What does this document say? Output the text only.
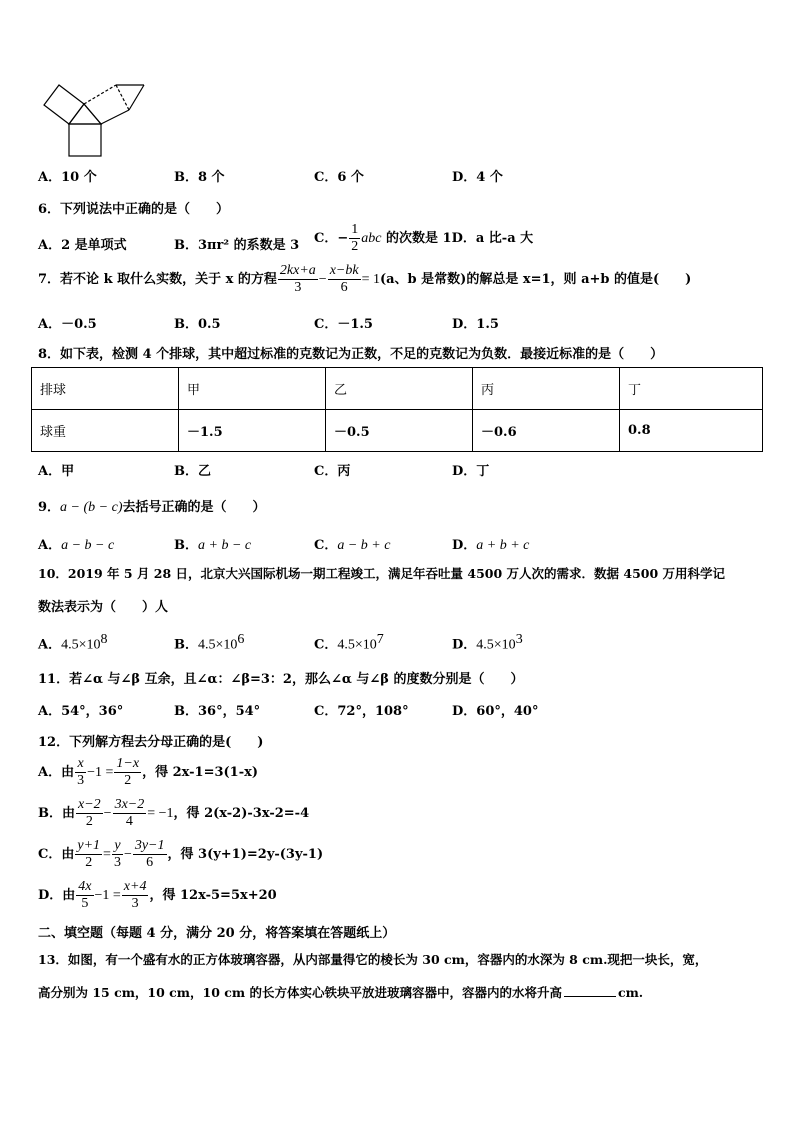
A．10 个	B．8 个	C．6 个	D．4 个
6．下列说法中正确的是（　　）
A．2 是单项式	B．3πr² 的系数是 3 C．− $\frac{1}{2}$ abc 的次数是 1D．a 比-a 大
7．若不论 k 取什么实数，关于 x 的方程 $\frac{2kx+a}{3} - \frac{x-bk}{6} = 1(a$、b 是常数)的解总是 x=1，则 a+b 的值是(　　)
A．－0.5	B．0.5	C．－1.5	D．1.5
8．如下表，检测 4 个排球，其中超过标准的克数记为正数，不足的克数记为负数．最接近标准的是（　　）
排球	甲	乙	丙	丁
球重	－1.5	－0.5	－0.6	0.8
A．甲	B．乙	C．丙	D．丁
9．a − (b − c)去括号正确的是（　　）
A．a − b − c	B．a + b − c	C．a − b + c	D．a + b + c
10．2019 年 5 月 28 日，北京大兴国际机场一期工程竣工，满足年吞吐量 4500 万人次的需求．数据 4500 万用科学记
数法表示为（　　）人
A．$4.5\times 10^8$	B．$4.5\times 10^6$	C．$4.5\times 10^7$	D．$4.5\times 10^3$
11．若∠α 与∠β 互余，且∠α：∠β=3：2，那么∠α 与∠β 的度数分别是（　　）
A．54°，36°	B．36°，54°	C．72°，108°	D．60°，40°
12．下列解方程去分母正确的是(　　)
A．由 $\frac{x}{3} -1 = \frac{1-x}{2}$ ，得 2x-1=3(1-x)
B．由 $\frac{x-2}{2} - \frac{3x-2}{4} = -1$，得 2(x-2)-3x-2=-4
C．由 $\frac{y+1}{2} = \frac{y}{3} - \frac{3y-1}{6}$ ，得 3(y+1)=2y-(3y-1)
D．由 $\frac{4x}{5} -1 = \frac{x+4}{3}$ ，得 12x-5=5x+20
二、填空题（每题 4 分，满分 20 分，将答案填在答题纸上）
13．如图，有一个盛有水的正方体玻璃容器，从内部量得它的棱长为 30 cm，容器内的水深为 8 cm.现把一块长，宽，
高分别为 15 cm，10 cm，10 cm 的长方体实心铁块平放进玻璃容器中，容器内的水将升高	cm.
